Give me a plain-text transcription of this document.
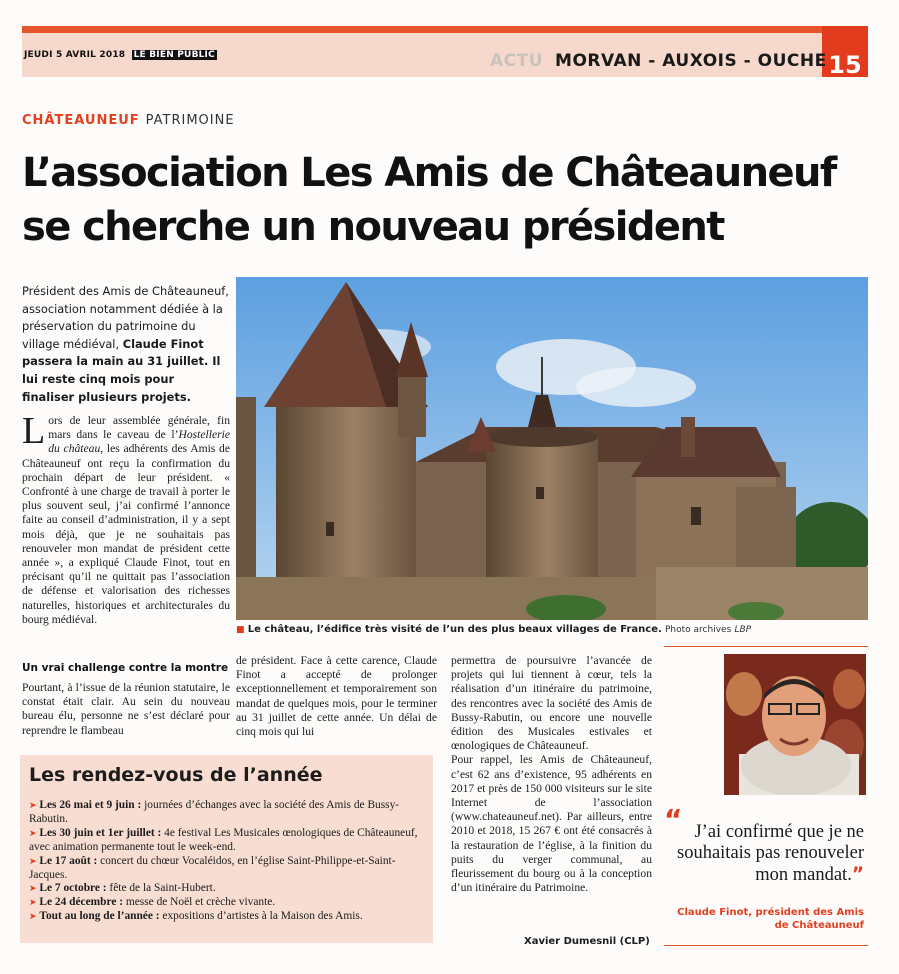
15
JEUDI 5 AVRIL 2018 LE BIEN PUBLIC	ACTU MORVAN - AUXOIS - OUCHE
CHÂTEAUNEUF PATRIMOINE
L’association Les Amis de Châteauneuf se cherche un nouveau président
Président des Amis de Châteauneuf, association notamment dédiée à la préservation du patrimoine du village médiéval, Claude Finot passera la main au 31 juillet. Il lui reste cinq mois pour finaliser plusieurs projets.
Lors de leur assemblée générale, fin mars dans le caveau de l’Hostellerie du château, les adhérents des Amis de Châteauneuf ont reçu la confirmation du prochain départ de leur président. « Confronté à une charge de travail à porter le plus souvent seul, j’ai confirmé l’annonce faite au conseil d’administration, il y a sept mois déjà, que je ne souhaitais pas renouveler mon mandat de président cette année », a expliqué Claude Finot, tout en précisant qu’il ne quittait pas l’association de défense et valorisation des richesses naturelles, historiques et architecturales du bourg médiéval.
Un vrai challenge contre la montre

Pourtant, à l’issue de la réunion statutaire, le constat était clair. Au sein du nouveau bureau élu, personne ne s’est déclaré pour reprendre le flambeau

■ Le château, l’édifice très visité de l’un des plus beaux villages de France. Photo archives LBP

de président. Face à cette carence, Claude Finot a accepté de prolonger exceptionnellement et temporairement son mandat de quelques mois, pour le terminer au 31 juillet de cette année. Un délai de cinq mois qui lui

permettra de poursuivre l’avancée de projets qui lui tiennent à cœur, tels la réalisation d’un itinéraire du patrimoine, des rencontres avec la société des Amis de Bussy-Rabutin, ou encore une nouvelle édition des Musicales estivales et œnologiques de Châteauneuf.

Pour rappel, les Amis de Châteauneuf, c’est 62 ans d’existence, 95 adhérents en 2017 et près de 150 000 visiteurs sur le site Internet de l’association (www.chateauneuf.net). Par ailleurs, entre 2010 et 2018, 15 267 € ont été consacrés à la restauration de l’église, à la finition du puits du verger communal, au fleurissement du bourg ou à la conception d’un itinéraire du Patrimoine.

Xavier Dumesnil (CLP)
Les rendez-vous de l’année

➤ Les 26 mai et 9 juin : journées d’échanges avec la société des Amis de Bussy-Rabutin.

➤ Les 30 juin et 1er juillet : 4e festival Les Musicales œnologiques de Châteauneuf, avec animation permanente tout le week-end.

➤ Le 17 août : concert du chœur Vocaléidos, en l’église Saint-Philippe-et-Saint-Jacques.

➤ Le 7 octobre : fête de la Saint-Hubert.

➤ Le 24 décembre : messe de Noël et crèche vivante.

➤ Tout au long de l’année : expositions d’artistes à la Maison des Amis.

“ J’ai confirmé que je ne souhaitais pas renouveler mon mandat.”
Claude Finot, président des Amis de Châteauneuf
